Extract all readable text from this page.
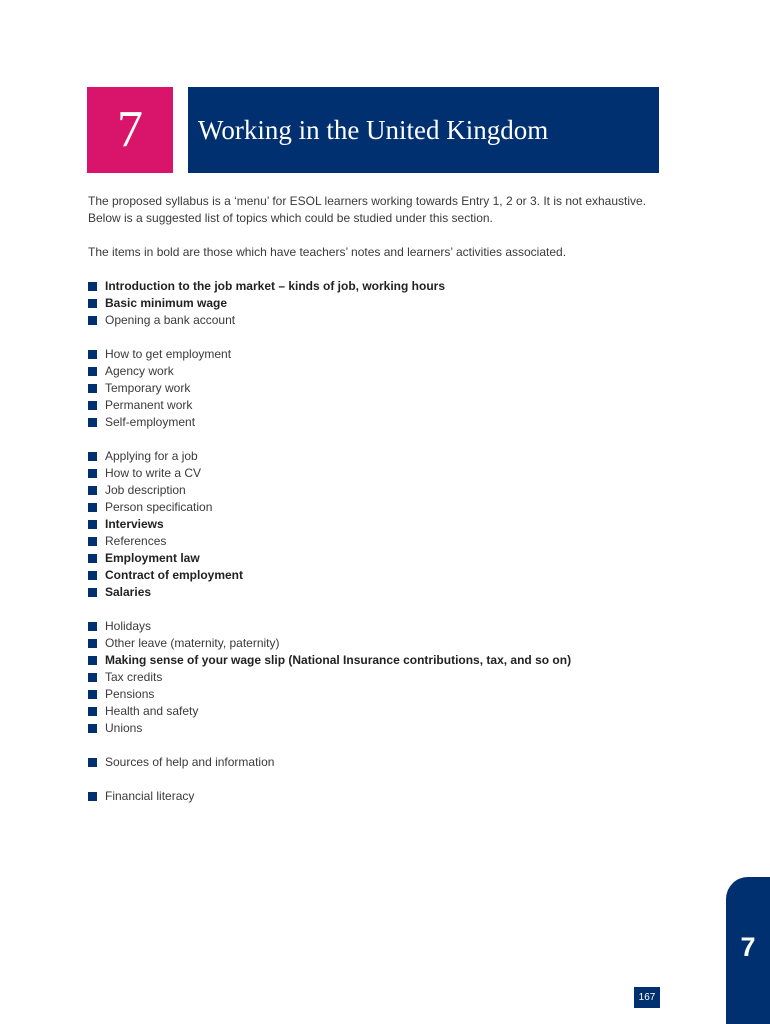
7	Working in the United Kingdom

The proposed syllabus is a ‘menu’ for ESOL learners working towards Entry 1, 2 or 3. It is not exhaustive. Below is a suggested list of topics which could be studied under this section.

The items in bold are those which have teachers’ notes and learners’ activities associated.

Introduction to the job market – kinds of job, working hours
Basic minimum wage
Opening a bank account
How to get employment
Agency work
Temporary work
Permanent work
Self-employment
Applying for a job
How to write a CV
Job description
Person specification
Interviews
References
Employment law
Contract of employment
Salaries
Holidays
Other leave (maternity, paternity)
Making sense of your wage slip (National Insurance contributions, tax, and so on)
Tax credits
Pensions
Health and safety
Unions
Sources of help and information
Financial literacy
7
167
